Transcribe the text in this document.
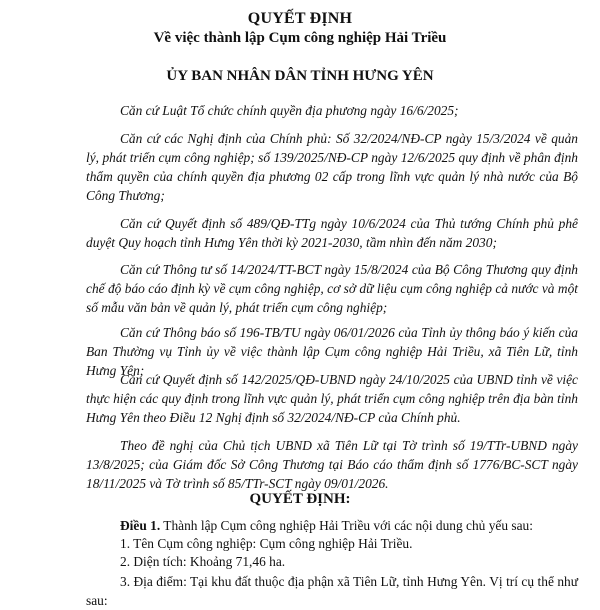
QUYẾT ĐỊNH
Về việc thành lập Cụm công nghiệp Hải Triều
ỦY BAN NHÂN DÂN TỈNH HƯNG YÊN
Căn cứ Luật Tổ chức chính quyền địa phương ngày 16/6/2025;
Căn cứ các Nghị định của Chính phủ: Số 32/2024/NĐ-CP ngày 15/3/2024 về quản lý, phát triển cụm công nghiệp; số 139/2025/NĐ-CP ngày 12/6/2025 quy định về phân định thẩm quyền của chính quyền địa phương 02 cấp trong lĩnh vực quản lý nhà nước của Bộ Công Thương;
Căn cứ Quyết định số 489/QĐ-TTg ngày 10/6/2024 của Thủ tướng Chính phủ phê duyệt Quy hoạch tỉnh Hưng Yên thời kỳ 2021-2030, tầm nhìn đến năm 2030;
Căn cứ Thông tư số 14/2024/TT-BCT ngày 15/8/2024 của Bộ Công Thương quy định chế độ báo cáo định kỳ về cụm công nghiệp, cơ sở dữ liệu cụm công nghiệp cả nước và một số mẫu văn bản về quản lý, phát triển cụm công nghiệp;
Căn cứ Thông báo số 196-TB/TU ngày 06/01/2026 của Tỉnh ủy thông báo ý kiến của Ban Thường vụ Tỉnh ủy về việc thành lập Cụm công nghiệp Hải Triều, xã Tiên Lữ, tỉnh Hưng Yên;
Căn cứ Quyết định số 142/2025/QĐ-UBND ngày 24/10/2025 của UBND tỉnh về việc thực hiện các quy định trong lĩnh vực quản lý, phát triển cụm công nghiệp trên địa bàn tỉnh Hưng Yên theo Điều 12 Nghị định số 32/2024/NĐ-CP của Chính phủ.
Theo đề nghị của Chủ tịch UBND xã Tiên Lữ tại Tờ trình số 19/TTr-UBND ngày 13/8/2025; của Giám đốc Sở Công Thương tại Báo cáo thẩm định số 1776/BC-SCT ngày 18/11/2025 và Tờ trình số 85/TTr-SCT ngày 09/01/2026.
QUYẾT ĐỊNH:
Điều 1. Thành lập Cụm công nghiệp Hải Triều với các nội dung chủ yếu sau:
1. Tên Cụm công nghiệp: Cụm công nghiệp Hải Triều.
2. Diện tích: Khoảng 71,46 ha.
3. Địa điểm: Tại khu đất thuộc địa phận xã Tiên Lữ, tỉnh Hưng Yên. Vị trí cụ thể như sau:
